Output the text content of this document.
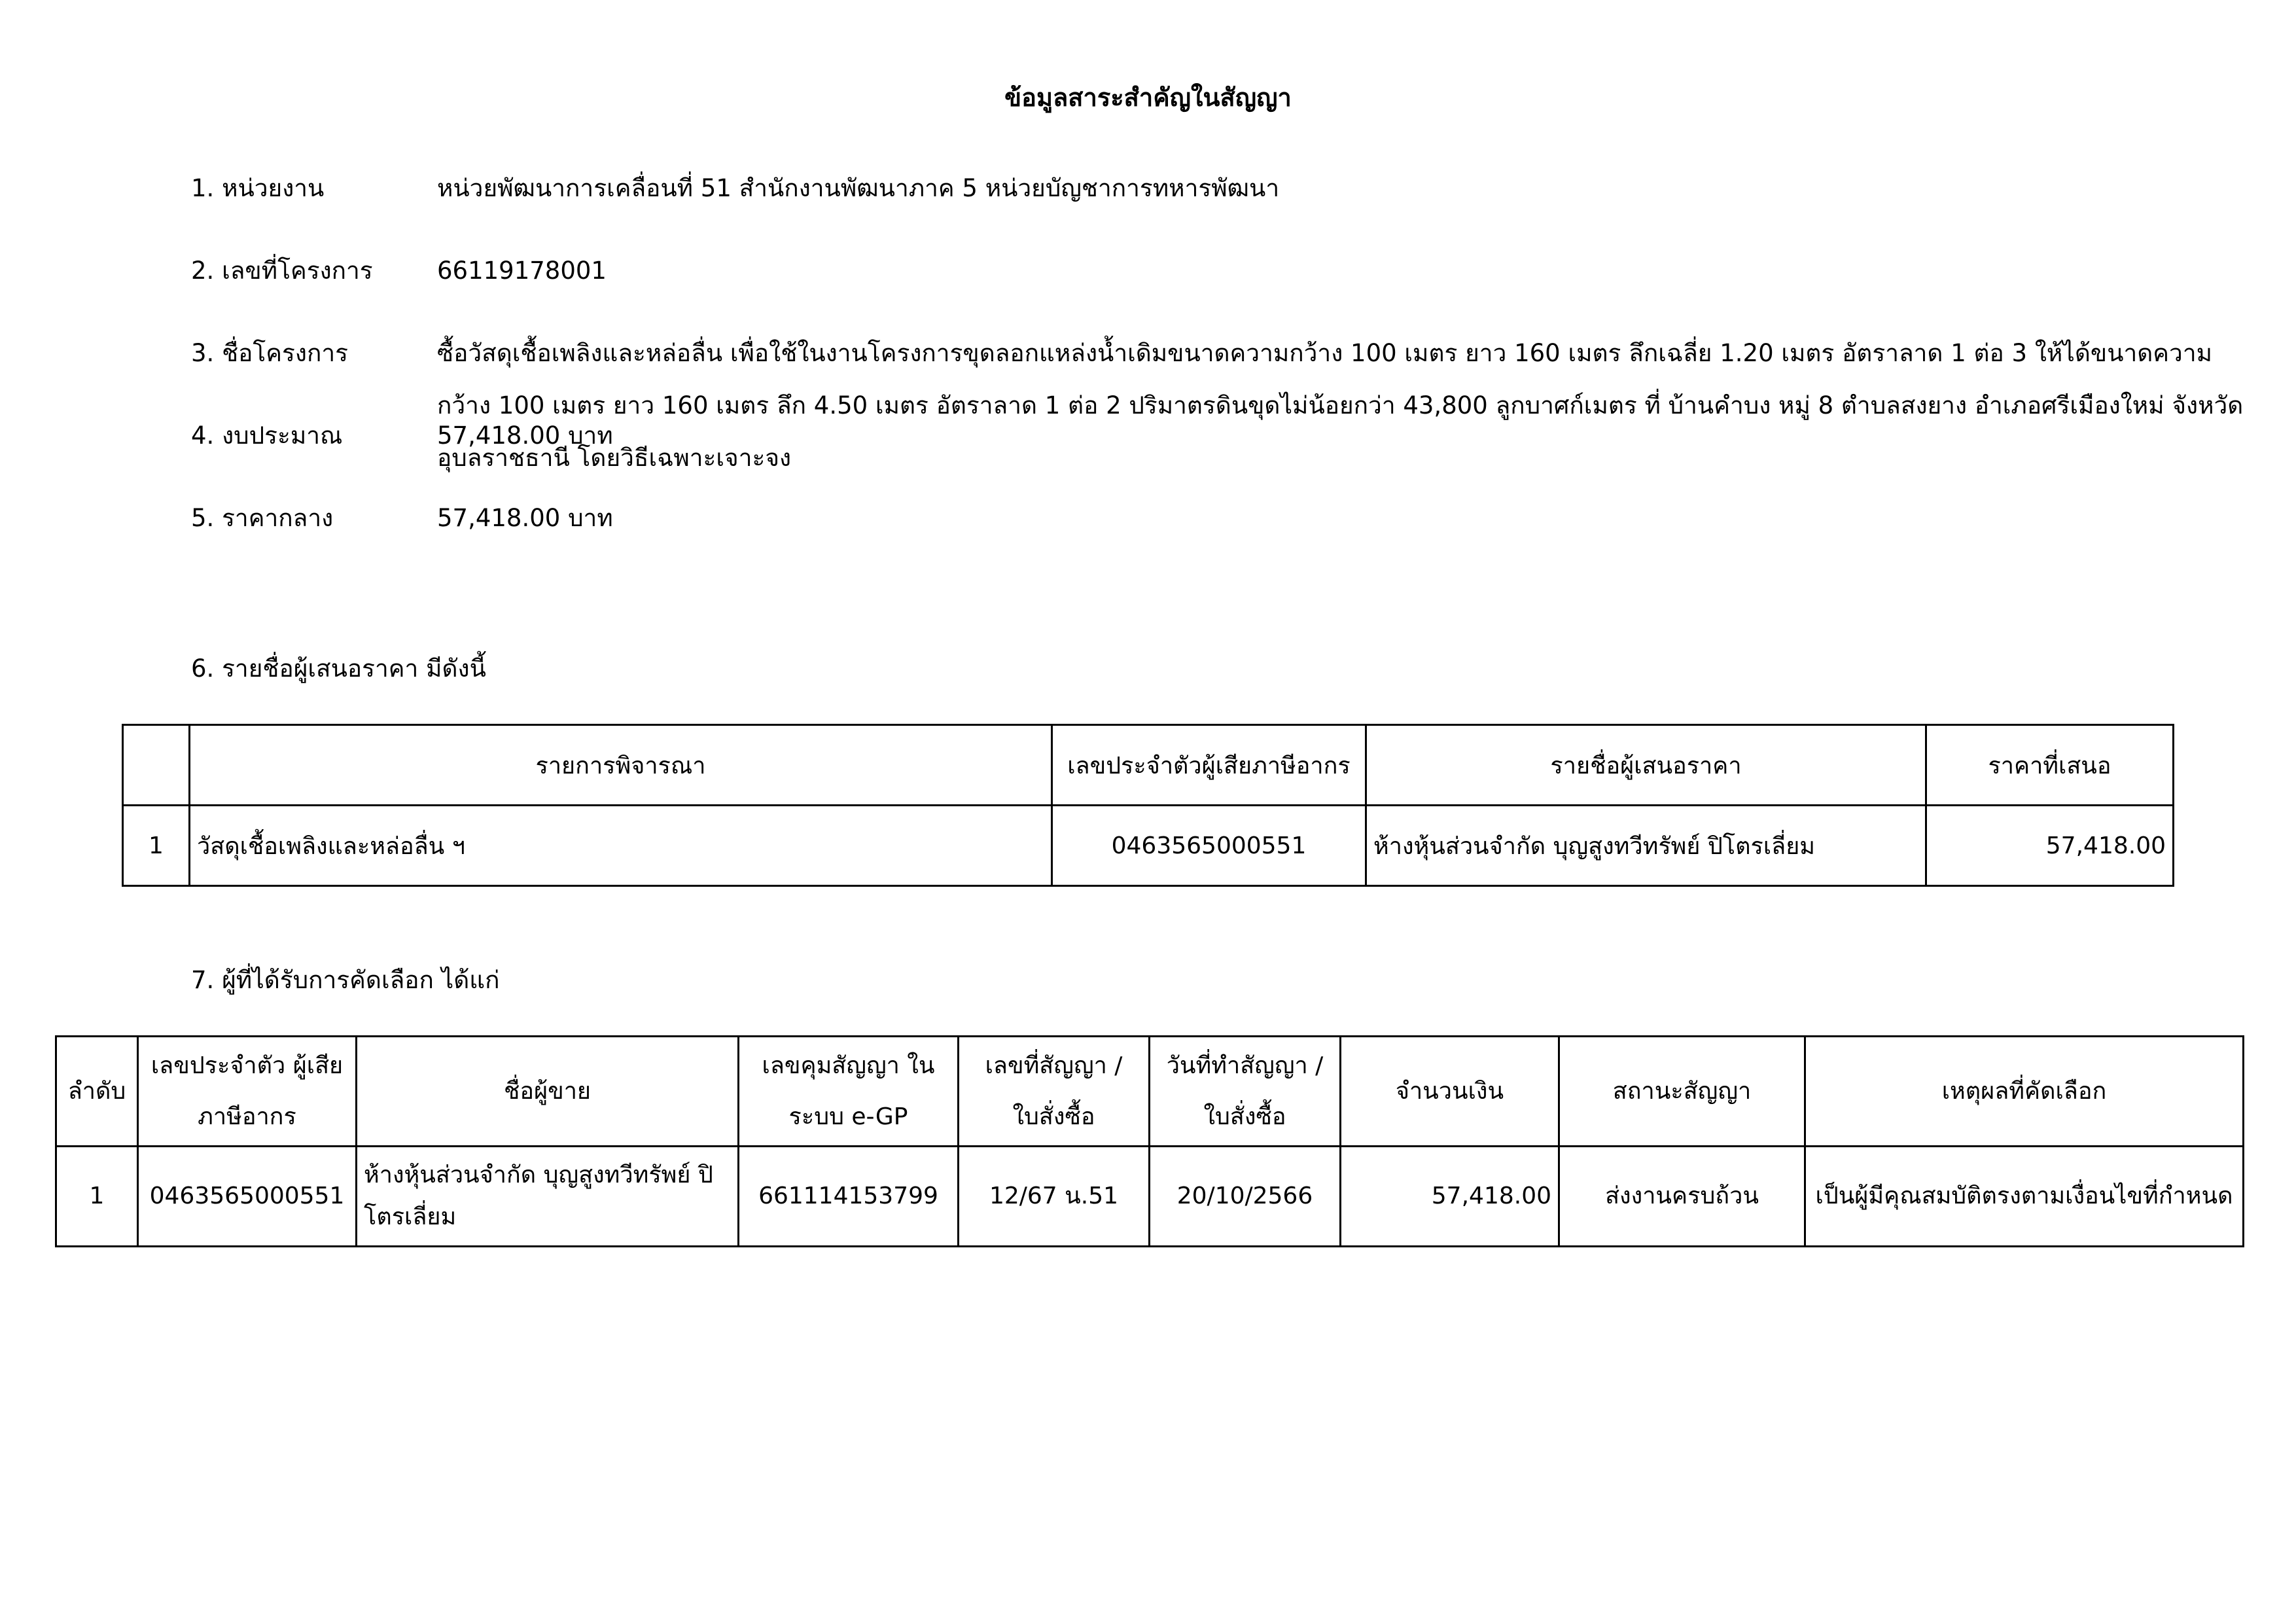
ข้อมูลสาระสำคัญในสัญญา
1. หน่วยงาน	หน่วยพัฒนาการเคลื่อนที่ 51 สำนักงานพัฒนาภาค 5 หน่วยบัญชาการทหารพัฒนา
2. เลขที่โครงการ	66119178001
3. ชื่อโครงการ	ซื้อวัสดุเชื้อเพลิงและหล่อลื่น เพื่อใช้ในงานโครงการขุดลอกแหล่งน้ำเดิมขนาดความกว้าง 100 เมตร ยาว 160 เมตร ลึกเฉลี่ย 1.20 เมตร อัตราลาด 1 ต่อ 3 ให้ได้ขนาดความกว้าง 100 เมตร ยาว 160 เมตร ลึก 4.50 เมตร อัตราลาด 1 ต่อ 2 ปริมาตรดินขุดไม่น้อยกว่า 43,800 ลูกบาศก์เมตร ที่ บ้านคำบง หมู่ 8 ตำบลสงยาง อำเภอศรีเมืองใหม่ จังหวัดอุบลราชธานี โดยวิธีเฉพาะเจาะจง
4. งบประมาณ	57,418.00 บาท
5. ราคากลาง	57,418.00 บาท
6. รายชื่อผู้เสนอราคา มีดังนี้
	รายการพิจารณา	เลขประจำตัวผู้เสียภาษีอากร	รายชื่อผู้เสนอราคา	ราคาที่เสนอ
1	วัสดุเชื้อเพลิงและหล่อลื่น ฯ	0463565000551	ห้างหุ้นส่วนจำกัด บุญสูงทวีทรัพย์ ปิโตรเลี่ยม	57,418.00
7. ผู้ที่ได้รับการคัดเลือก ได้แก่
ลำดับ	เลขประจำตัว ผู้เสียภาษีอากร	ชื่อผู้ขาย	เลขคุมสัญญา ในระบบ e-GP	เลขที่สัญญา / ใบสั่งซื้อ	วันที่ทำสัญญา / ใบสั่งซื้อ	จำนวนเงิน	สถานะสัญญา	เหตุผลที่คัดเลือก
1	0463565000551	ห้างหุ้นส่วนจำกัด บุญสูงทวีทรัพย์ ปิโตรเลี่ยม	661114153799	12/67 น.51	20/10/2566	57,418.00	ส่งงานครบถ้วน	เป็นผู้มีคุณสมบัติตรงตามเงื่อนไขที่กำหนด
